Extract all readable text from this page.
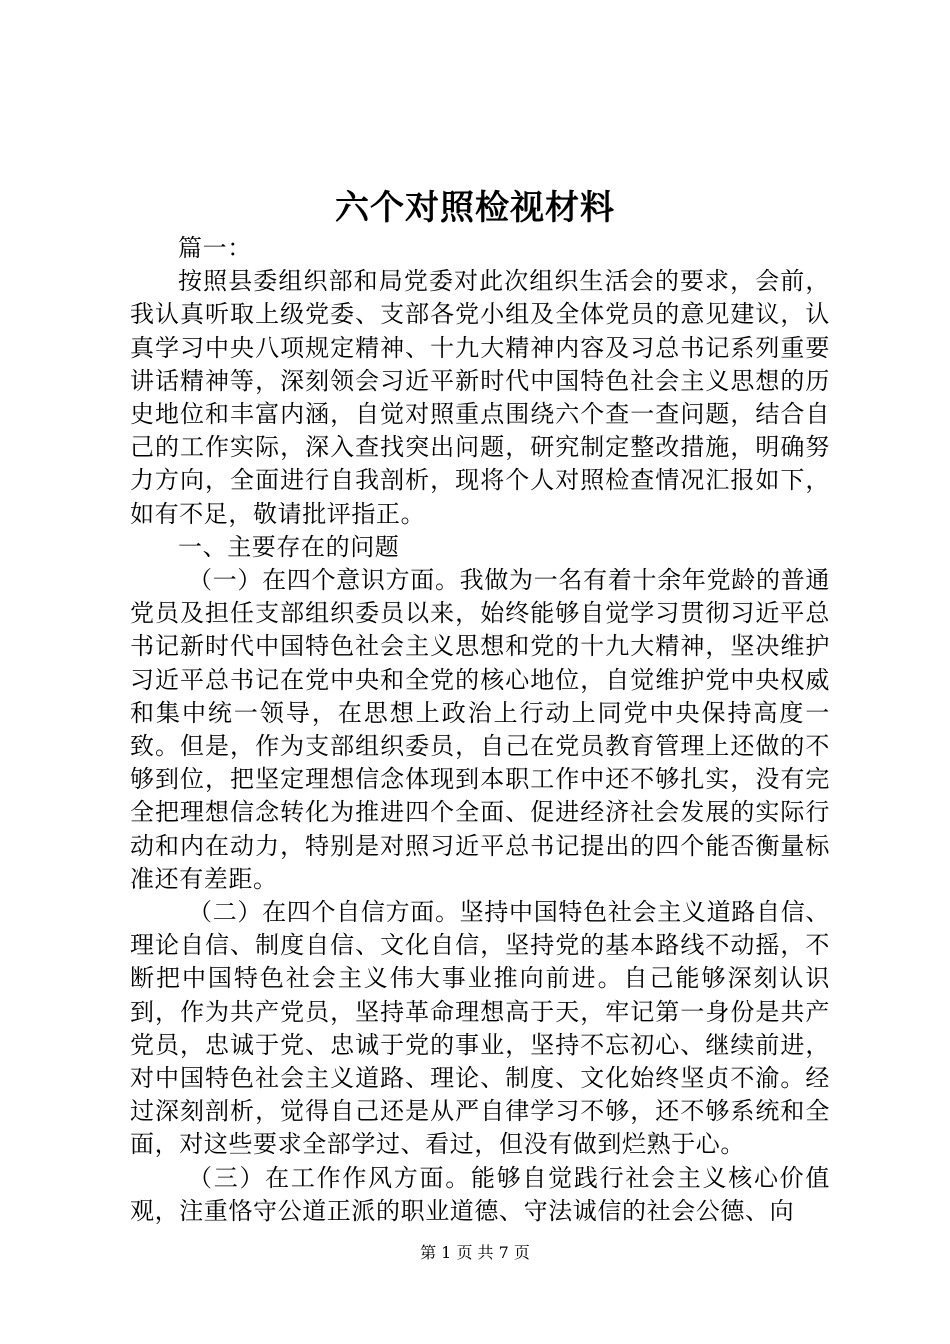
六个对照检视材料

篇一：

按照县委组织部和局党委对此次组织生活会的要求，会前，我认真听取上级党委、支部各党小组及全体党员的意见建议，认真学习中央八项规定精神、十九大精神内容及习总书记系列重要讲话精神等，深刻领会习近平新时代中国特色社会主义思想的历史地位和丰富内涵，自觉对照重点围绕六个查一查问题，结合自己的工作实际，深入查找突出问题，研究制定整改措施，明确努力方向，全面进行自我剖析，现将个人对照检查情况汇报如下，如有不足，敬请批评指正。

一、主要存在的问题

（一）在四个意识方面。我做为一名有着十余年党龄的普通党员及担任支部组织委员以来，始终能够自觉学习贯彻习近平总书记新时代中国特色社会主义思想和党的十九大精神，坚决维护习近平总书记在党中央和全党的核心地位，自觉维护党中央权威和集中统一领导，在思想上政治上行动上同党中央保持高度一致。但是，作为支部组织委员，自己在党员教育管理上还做的不够到位，把坚定理想信念体现到本职工作中还不够扎实，没有完全把理想信念转化为推进四个全面、促进经济社会发展的实际行动和内在动力，特别是对照习近平总书记提出的四个能否衡量标准还有差距。

（二）在四个自信方面。坚持中国特色社会主义道路自信、理论自信、制度自信、文化自信，坚持党的基本路线不动摇，不断把中国特色社会主义伟大事业推向前进。自己能够深刻认识到，作为共产党员，坚持革命理想高于天，牢记第一身份是共产党员，忠诚于党、忠诚于党的事业，坚持不忘初心、继续前进，对中国特色社会主义道路、理论、制度、文化始终坚贞不渝。经过深刻剖析，觉得自己还是从严自律学习不够，还不够系统和全面，对这些要求全部学过、看过，但没有做到烂熟于心。

（三）在工作作风方面。能够自觉践行社会主义核心价值观，注重恪守公道正派的职业道德、守法诚信的社会公德、向

第 1 页 共 7 页
